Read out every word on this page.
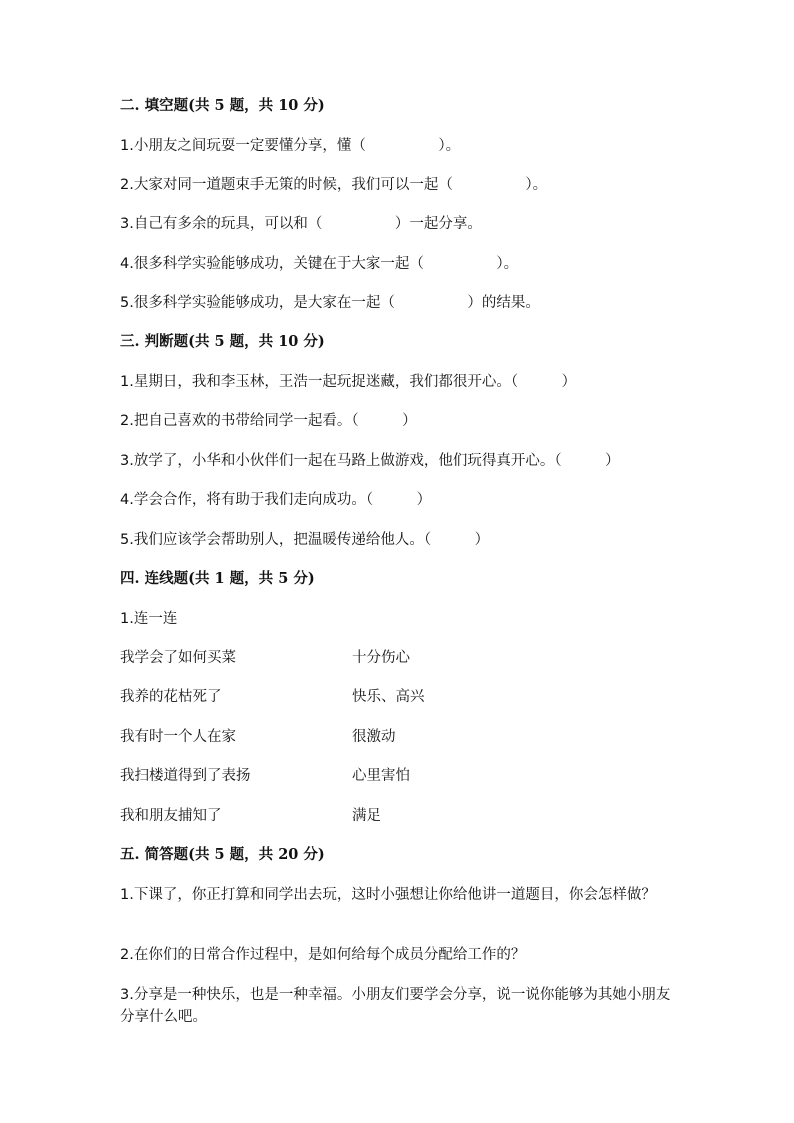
二. 填空题(共 5 题，共 10 分)
1.小朋友之间玩耍一定要懂分享，懂（　　　　　）。
2.大家对同一道题束手无策的时候，我们可以一起（　　　　　）。
3.自己有多余的玩具，可以和（　　　　　）一起分享。
4.很多科学实验能够成功，关键在于大家一起（　　　　　）。
5.很多科学实验能够成功，是大家在一起（　　　　　）的结果。
三. 判断题(共 5 题，共 10 分)
1.星期日，我和李玉林，王浩一起玩捉迷藏，我们都很开心。（　　　）
2.把自己喜欢的书带给同学一起看。（　　　）
3.放学了，小华和小伙伴们一起在马路上做游戏，他们玩得真开心。（　　　）
4.学会合作，将有助于我们走向成功。（　　　）
5.我们应该学会帮助别人，把温暖传递给他人。（　　　）
四. 连线题(共 1 题，共 5 分)
1.连一连
我学会了如何买菜	十分伤心
我养的花枯死了	快乐、高兴
我有时一个人在家	很激动
我扫楼道得到了表扬	心里害怕
我和朋友捕知了	满足
五. 简答题(共 5 题，共 20 分)
1.下课了，你正打算和同学出去玩，这时小强想让你给他讲一道题目，你会怎样做？
2.在你们的日常合作过程中，是如何给每个成员分配给工作的？
3.分享是一种快乐，也是一种幸福。小朋友们要学会分享，说一说你能够为其她小朋友分享什么吧。
